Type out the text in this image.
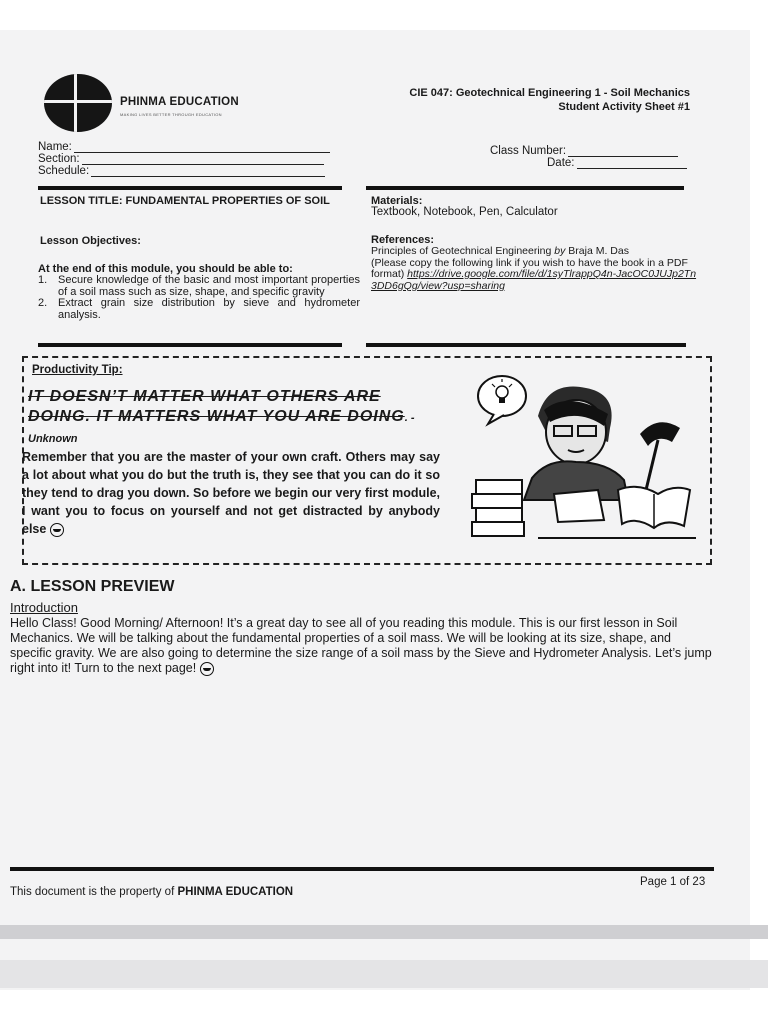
PHINMA EDUCATION
MAKING LIVES BETTER THROUGH EDUCATION
CIE 047: Geotechnical Engineering 1 - Soil Mechanics
Student Activity Sheet #1
Name:
Section:
Schedule:
Class Number:
Date:
LESSON TITLE: FUNDAMENTAL PROPERTIES OF SOIL
Lesson Objectives:
At the end of this module, you should be able to:
1. Secure knowledge of the basic and most important properties of a soil mass such as size, shape, and specific gravity
2. Extract grain size distribution by sieve and hydrometer analysis.
Materials:
Textbook, Notebook, Pen, Calculator
References:
Principles of Geotechnical Engineering by Braja M. Das
(Please copy the following link if you wish to have the book in a PDF format) https://drive.google.com/file/d/1syTlrappQ4n-JacOC0JUJp2Tn3DD6gQg/view?usp=sharing
Productivity Tip:
IT DOESN’T MATTER WHAT OTHERS ARE DOING. IT MATTERS WHAT YOU ARE DOING. - Unknown
Remember that you are the master of your own craft. Others may say a lot about what you do but the truth is, they see that you can do it so they tend to drag you down. So before we begin our very first module, I want you to focus on yourself and not get distracted by anybody else
A. LESSON PREVIEW
Introduction
Hello Class! Good Morning/ Afternoon! It’s a great day to see all of you reading this module. This is our first lesson in Soil Mechanics. We will be talking about the fundamental properties of a soil mass. We will be looking at its size, shape, and specific gravity. We are also going to determine the size range of a soil mass by the Sieve and Hydrometer Analysis. Let’s jump right into it! Turn to the next page!
This document is the property of PHINMA EDUCATION
Page 1 of 23
